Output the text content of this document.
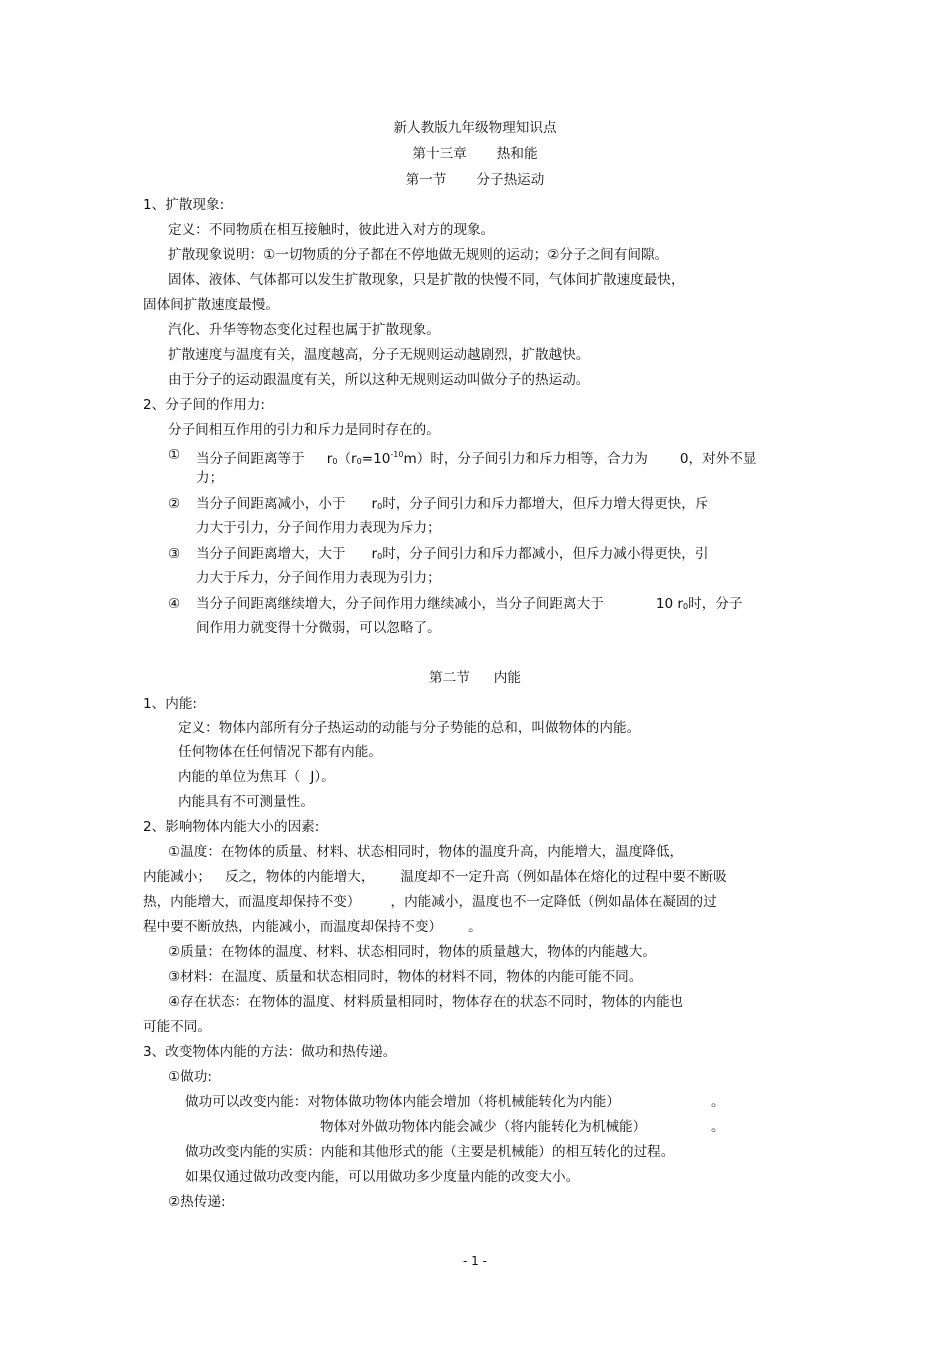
新人教版九年级物理知识点
第十三章 热和能
第一节 分子热运动
1、扩散现象:
定义：不同物质在相互接触时，彼此进入对方的现象。
扩散现象说明：①一切物质的分子都在不停地做无规则的运动；②分子之间有间隙。
固体、液体、气体都可以发生扩散现象，只是扩散的快慢不同，气体间扩散速度最快，
固体间扩散速度最慢。
汽化、升华等物态变化过程也属于扩散现象。
扩散速度与温度有关，温度越高，分子无规则运动越剧烈，扩散越快。
由于分子的运动跟温度有关，所以这种无规则运动叫做分子的热运动。
2、分子间的作用力:
分子间相互作用的引力和斥力是同时存在的。
① 当分子间距离等于 $r_0(r_0=10^{-10}m)$时，分子间引力和斥力相等，合力为 0，对外不显
力；
② 当分子间距离减小，小于 $r_0$时，分子间引力和斥力都增大，但斥力增大得更快，斥
力大于引力，分子间作用力表现为斥力；
③ 当分子间距离增大，大于 $r_0$时，分子间引力和斥力都减小，但斥力减小得更快，引
力大于斥力，分子间作用力表现为引力；
④ 当分子间距离继续增大，分子间作用力继续减小，当分子间距离大于	10 $r_0$时，分子
间作用力就变得十分微弱，可以忽略了。
第二节 内能
1、内能:
定义：物体内部所有分子热运动的动能与分子势能的总和，叫做物体的内能。
任何物体在任何情况下都有内能。
内能的单位为焦耳（ J）。
内能具有不可测量性。
2、影响物体内能大小的因素:
①温度：在物体的质量、材料、状态相同时，物体的温度升高，内能增大，温度降低，
内能减小； 反之，物体的内能增大， 温度却不一定升高（例如晶体在熔化的过程中要不断吸
热，内能增大，而温度却保持不变） ，内能减小，温度也不一定降低（例如晶体在凝固的过
程中要不断放热，内能减小，而温度却保持不变） 。
②质量：在物体的温度、材料、状态相同时，物体的质量越大，物体的内能越大。
③材料：在温度、质量和状态相同时，物体的材料不同，物体的内能可能不同。
④存在状态：在物体的温度、材料质量相同时，物体存在的状态不同时，物体的内能也
可能不同。
3、改变物体内能的方法：做功和热传递。
①做功:
做功可以改变内能：对物体做功物体内能会增加（将机械能转化为内能）	。
物体对外做功物体内能会减少（将内能转化为机械能）	。
做功改变内能的实质：内能和其他形式的能（主要是机械能）的相互转化的过程。
如果仅通过做功改变内能，可以用做功多少度量内能的改变大小。
②热传递:
- 1 -
